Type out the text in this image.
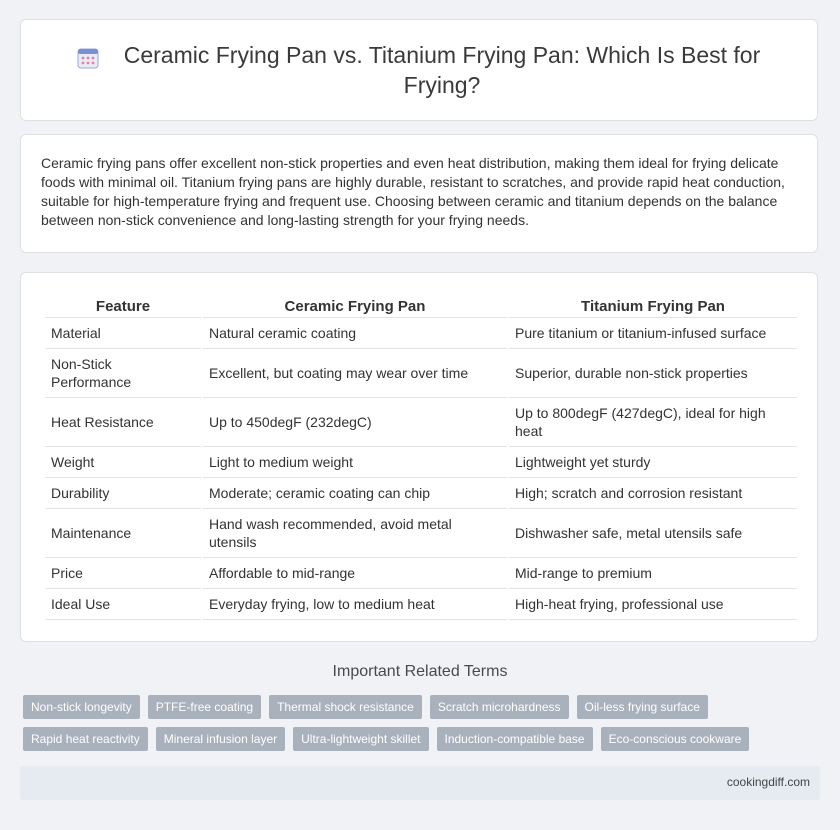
Ceramic Frying Pan vs. Titanium Frying Pan: Which Is Best for Frying?

Ceramic frying pans offer excellent non-stick properties and even heat distribution, making them ideal for frying delicate foods with minimal oil. Titanium frying pans are highly durable, resistant to scratches, and provide rapid heat conduction, suitable for high-temperature frying and frequent use. Choosing between ceramic and titanium depends on the balance between non-stick convenience and long-lasting strength for your frying needs.

Feature	Ceramic Frying Pan	Titanium Frying Pan
Material	Natural ceramic coating	Pure titanium or titanium-infused surface
Non-Stick Performance	Excellent, but coating may wear over time	Superior, durable non-stick properties
Heat Resistance	Up to 450degF (232degC)	Up to 800degF (427degC), ideal for high heat
Weight	Light to medium weight	Lightweight yet sturdy
Durability	Moderate; ceramic coating can chip	High; scratch and corrosion resistant
Maintenance	Hand wash recommended, avoid metal utensils	Dishwasher safe, metal utensils safe
Price	Affordable to mid-range	Mid-range to premium
Ideal Use	Everyday frying, low to medium heat	High-heat frying, professional use
Important Related Terms
Non-stick longevity	PTFE-free coating	Thermal shock resistance	Scratch microhardness	Oil-less frying surface
Rapid heat reactivity	Mineral infusion layer	Ultra-lightweight skillet	Induction-compatible base	Eco-conscious cookware
cookingdiff.com
